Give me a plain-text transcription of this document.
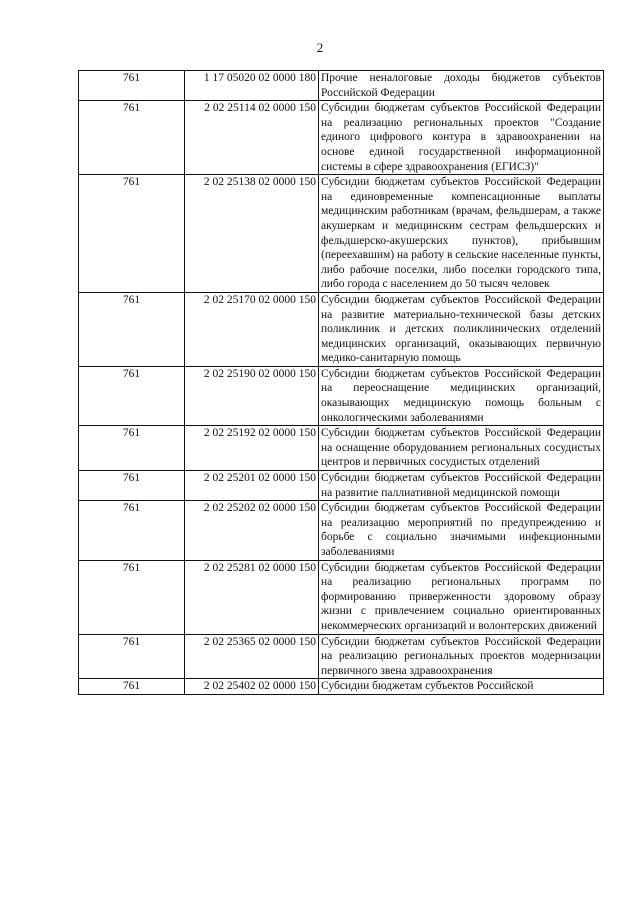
2
761	1 17 05020 02 0000 180	Прочие неналоговые доходы бюджетов субъектов Российской Федерации
761	2 02 25114 02 0000 150	Субсидии бюджетам субъектов Российской Федерации на реализацию региональных проектов "Создание единого цифрового контура в здравоохранении на основе единой государственной информационной системы в сфере здравоохранения (ЕГИСЗ)"
761	2 02 25138 02 0000 150	Субсидии бюджетам субъектов Российской Федерации на единовременные компенсационные выплаты медицинским работникам (врачам, фельдшерам, а также акушеркам и медицинским сестрам фельдшерских и фельдшерско-акушерских пунктов), прибывшим (переехавшим) на работу в сельские населенные пункты, либо рабочие поселки, либо поселки городского типа, либо города с населением до 50 тысяч человек
761	2 02 25170 02 0000 150	Субсидии бюджетам субъектов Российской Федерации на развитие материально-технической базы детских поликлиник и детских поликлинических отделений медицинских организаций, оказывающих первичную медико-санитарную помощь
761	2 02 25190 02 0000 150	Субсидии бюджетам субъектов Российской Федерации на переоснащение медицинских организаций, оказывающих медицинскую помощь больным с онкологическими заболеваниями
761	2 02 25192 02 0000 150	Субсидии бюджетам субъектов Российской Федерации на оснащение оборудованием региональных сосудистых центров и первичных сосудистых отделений
761	2 02 25201 02 0000 150	Субсидии бюджетам субъектов Российской Федерации на развитие паллиативной медицинской помощи
761	2 02 25202 02 0000 150	Субсидии бюджетам субъектов Российской Федерации на реализацию мероприятий по предупреждению и борьбе с социально значимыми инфекционными заболеваниями
761	2 02 25281 02 0000 150	Субсидии бюджетам субъектов Российской Федерации на реализацию региональных программ по формированию приверженности здоровому образу жизни с привлечением социально ориентированных некоммерческих организаций и волонтерских движений
761	2 02 25365 02 0000 150	Субсидии бюджетам субъектов Российской Федерации на реализацию региональных проектов модернизации первичного звена здравоохранения
761	2 02 25402 02 0000 150	Субсидии бюджетам субъектов Российской
